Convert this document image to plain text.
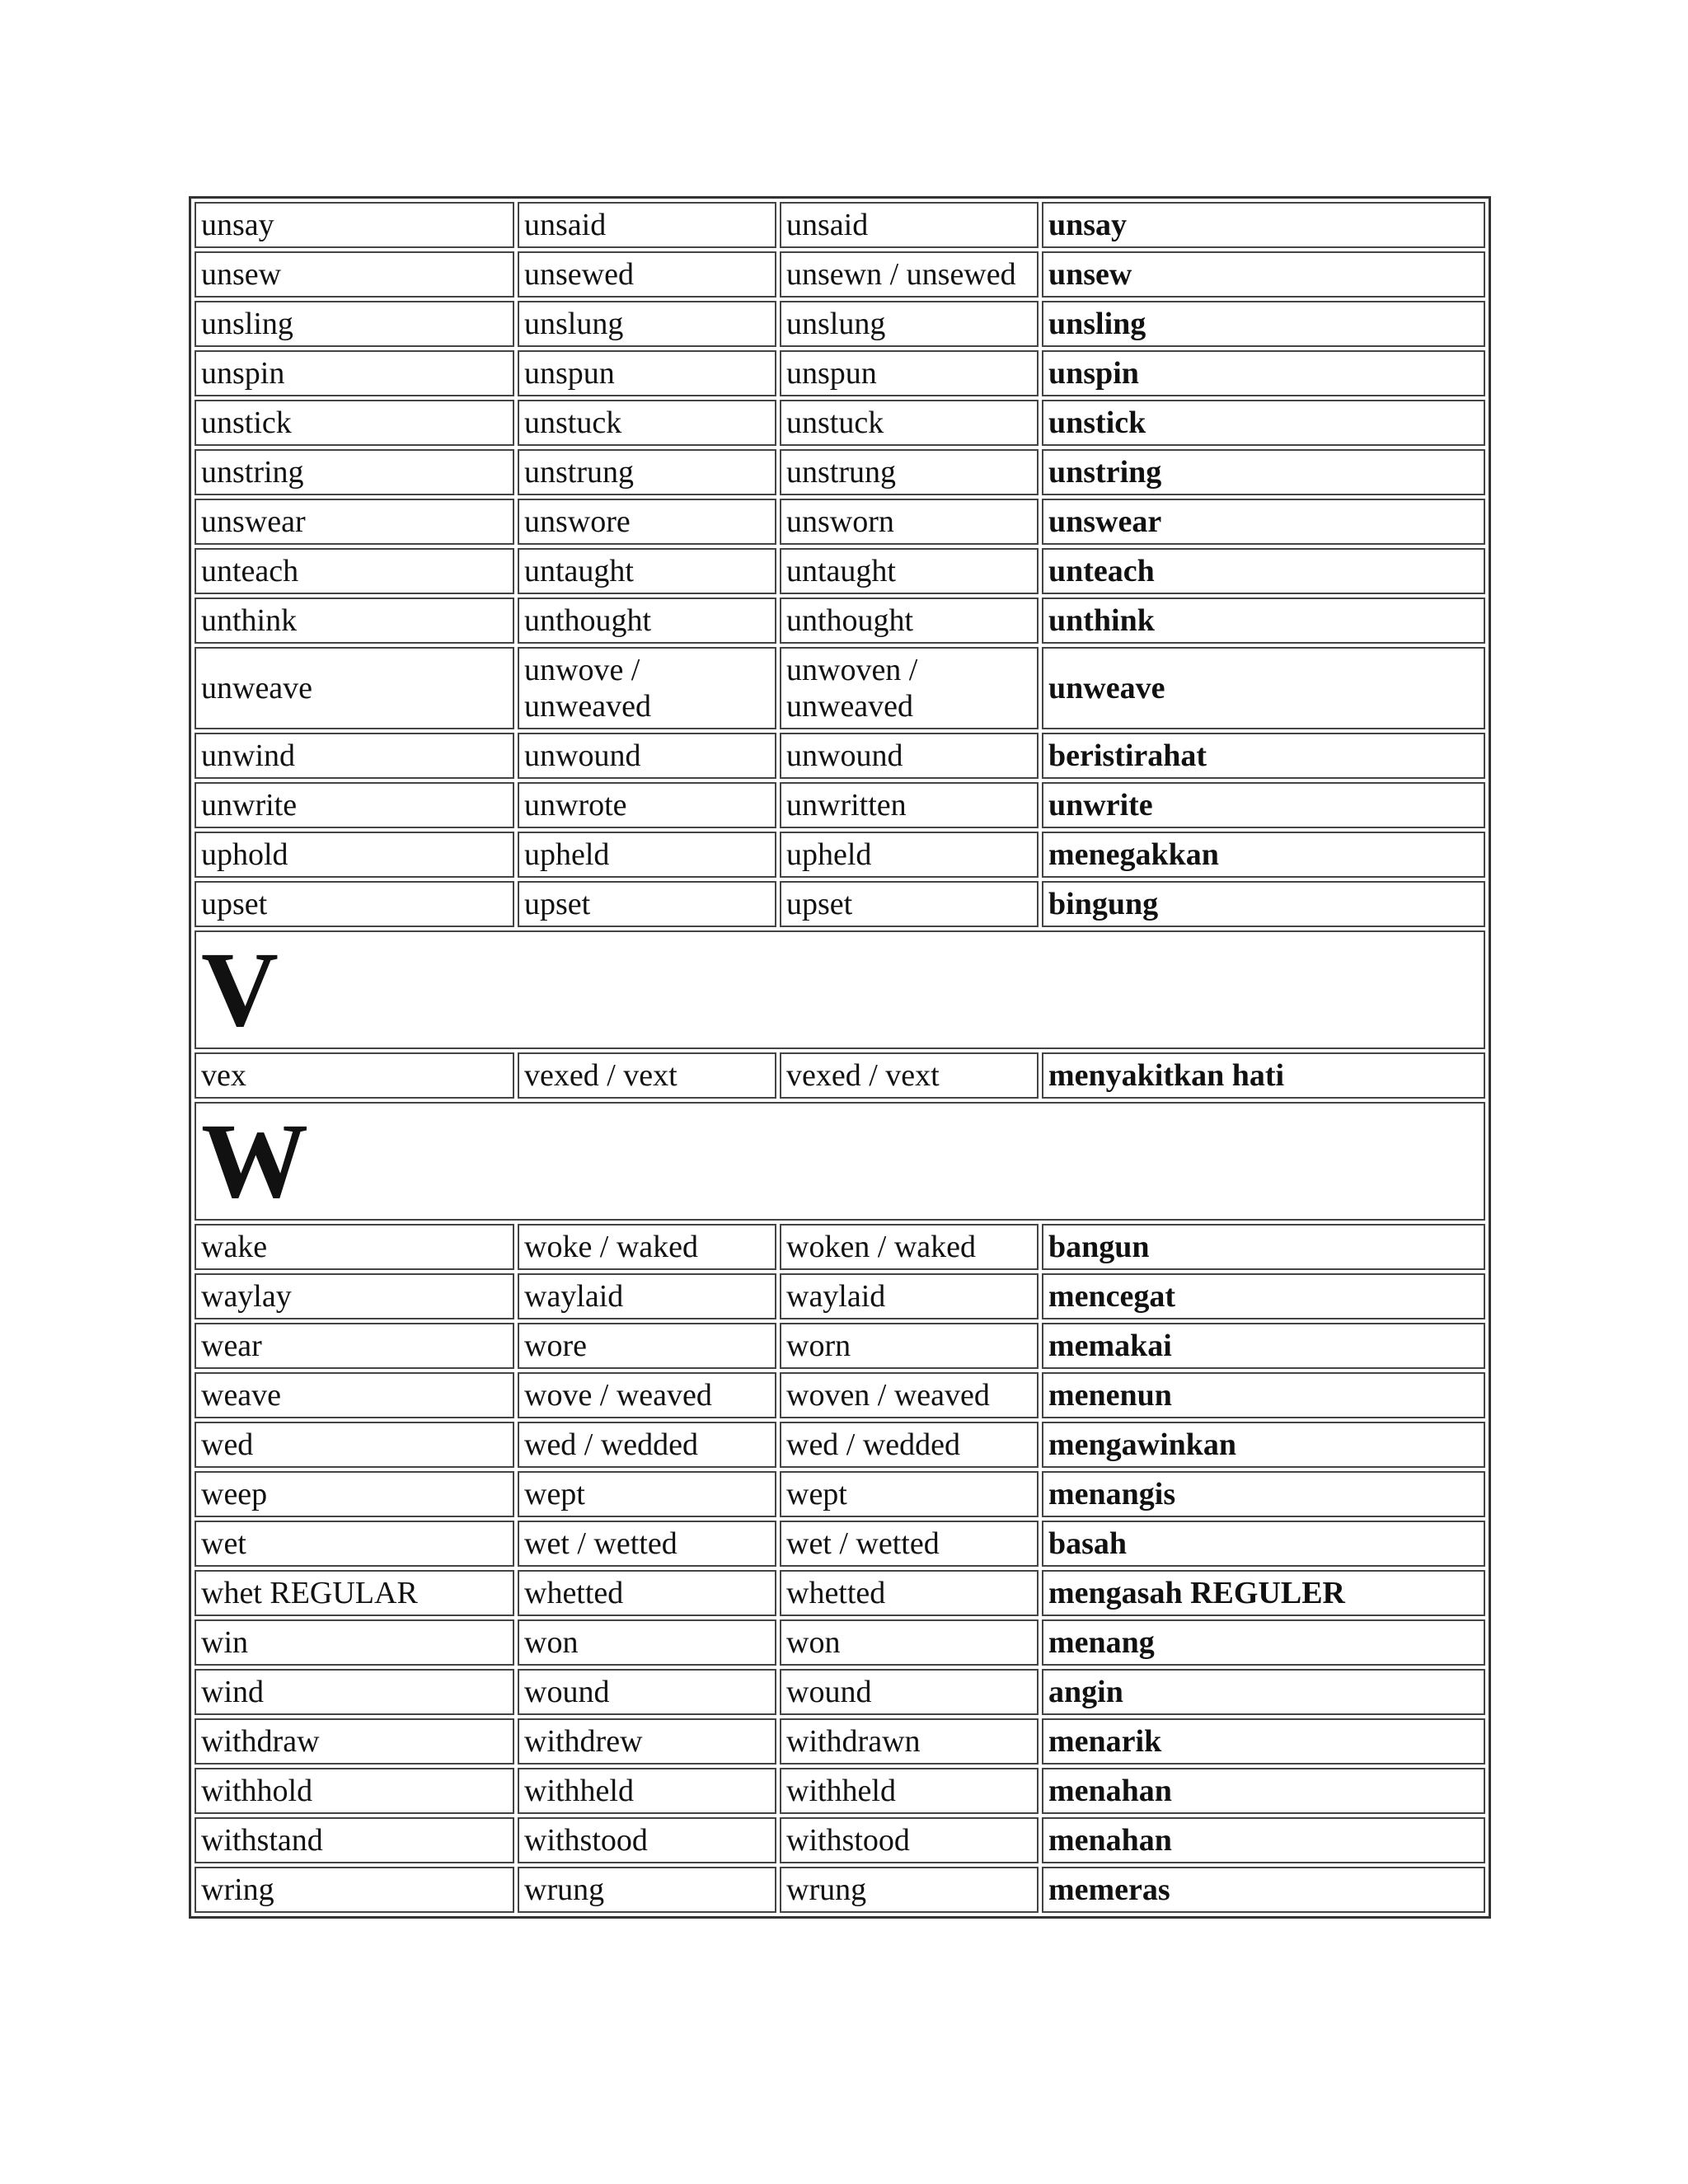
unsay	unsaid	unsaid	unsay
unsew	unsewed	unsewn / unsewed	unsew
unsling	unslung	unslung	unsling
unspin	unspun	unspun	unspin
unstick	unstuck	unstuck	unstick
unstring	unstrung	unstrung	unstring
unswear	unswore	unsworn	unswear
unteach	untaught	untaught	unteach
unthink	unthought	unthought	unthink
unweave	unwove / unweaved	unwoven / unweaved	unweave
unwind	unwound	unwound	beristirahat
unwrite	unwrote	unwritten	unwrite
uphold	upheld	upheld	menegakkan
upset	upset	upset	bingung
V			
vex	vexed / vext	vexed / vext	menyakitkan hati
W			
wake	woke / waked	woken / waked	bangun
waylay	waylaid	waylaid	mencegat
wear	wore	worn	memakai
weave	wove / weaved	woven / weaved	menenun
wed	wed / wedded	wed / wedded	mengawinkan
weep	wept	wept	menangis
wet	wet / wetted	wet / wetted	basah
whet REGULAR	whetted	whetted	mengasah REGULER
win	won	won	menang
wind	wound	wound	angin
withdraw	withdrew	withdrawn	menarik
withhold	withheld	withheld	menahan
withstand	withstood	withstood	menahan
wring	wrung	wrung	memeras
